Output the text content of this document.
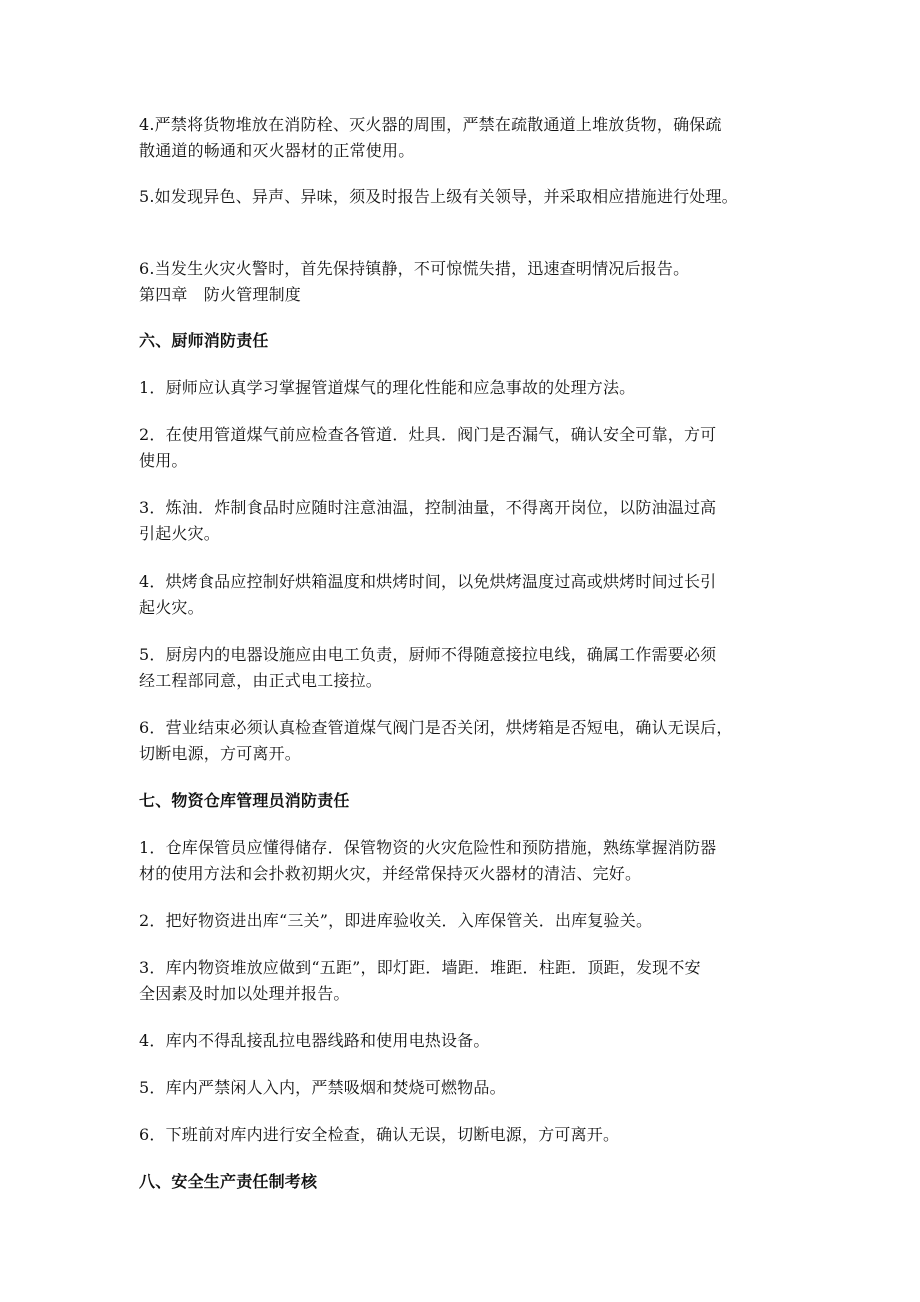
4.严禁将货物堆放在消防栓、灭火器的周围，严禁在疏散通道上堆放货物，确保疏
散通道的畅通和灭火器材的正常使用。
5.如发现异色、异声、异味，须及时报告上级有关领导，并采取相应措施进行处理。
6.当发生火灾火警时，首先保持镇静，不可惊慌失措，迅速查明情况后报告。
第四章　防火管理制度
六、厨师消防责任
1．厨师应认真学习掌握管道煤气的理化性能和应急事故的处理方法。
2．在使用管道煤气前应检查各管道．灶具．阀门是否漏气，确认安全可靠，方可
使用。
3．炼油．炸制食品时应随时注意油温，控制油量，不得离开岗位，以防油温过高
引起火灾。
4．烘烤食品应控制好烘箱温度和烘烤时间，以免烘烤温度过高或烘烤时间过长引
起火灾。
5．厨房内的电器设施应由电工负责，厨师不得随意接拉电线，确属工作需要必须
经工程部同意，由正式电工接拉。
6．营业结束必须认真检查管道煤气阀门是否关闭，烘烤箱是否短电，确认无误后，
切断电源，方可离开。
七、物资仓库管理员消防责任
1．仓库保管员应懂得储存．保管物资的火灾危险性和预防措施，熟练掌握消防器
材的使用方法和会扑救初期火灾，并经常保持灭火器材的清洁、完好。
2．把好物资进出库“三关”，即进库验收关．入库保管关．出库复验关。
3．库内物资堆放应做到“五距”，即灯距．墙距．堆距．柱距．顶距，发现不安
全因素及时加以处理并报告。
4．库内不得乱接乱拉电器线路和使用电热设备。
5．库内严禁闲人入内，严禁吸烟和焚烧可燃物品。
6．下班前对库内进行安全检查，确认无误，切断电源，方可离开。
八、安全生产责任制考核
